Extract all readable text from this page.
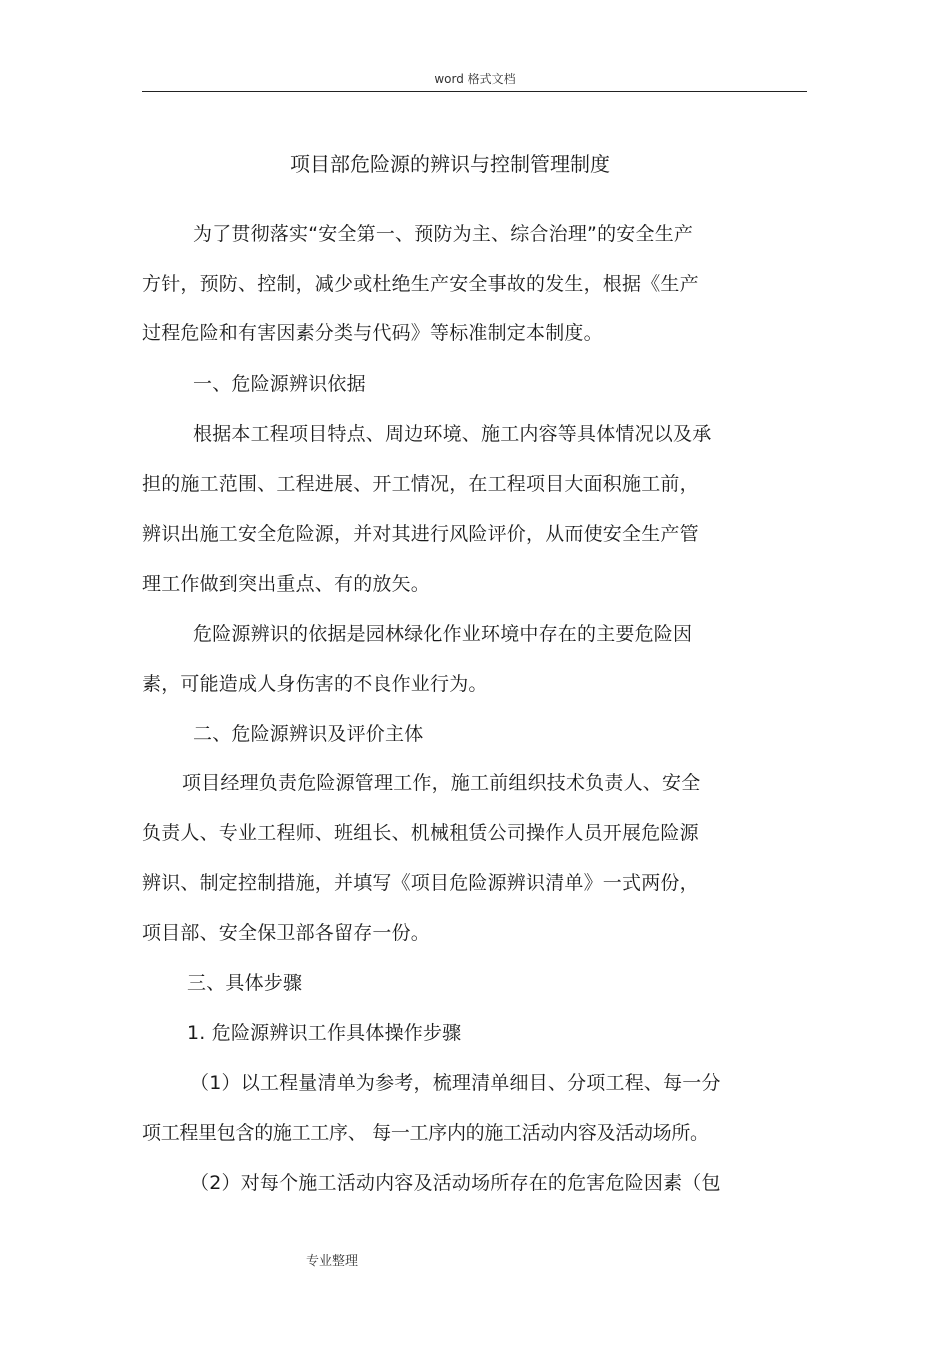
word 格式文档
项目部危险源的辨识与控制管理制度
为了贯彻落实“安全第一、预防为主、综合治理”的安全生产
方针，预防、控制，减少或杜绝生产安全事故的发生，根据《生产
过程危险和有害因素分类与代码》等标准制定本制度。
一、危险源辨识依据
根据本工程项目特点、周边环境、施工内容等具体情况以及承
担的施工范围、工程进展、开工情况，在工程项目大面积施工前，
辨识出施工安全危险源，并对其进行风险评价，从而使安全生产管
理工作做到突出重点、有的放矢。
危险源辨识的依据是园林绿化作业环境中存在的主要危险因
素，可能造成人身伤害的不良作业行为。
二、危险源辨识及评价主体
项目经理负责危险源管理工作，施工前组织技术负责人、安全
负责人、专业工程师、班组长、机械租赁公司操作人员开展危险源
辨识、制定控制措施，并填写《项目危险源辨识清单》一式两份，
项目部、安全保卫部各留存一份。
三、具体步骤
1. 危险源辨识工作具体操作步骤
（1）以工程量清单为参考，梳理清单细目、分项工程、每一分
项工程里包含的施工工序、 每一工序内的施工活动内容及活动场所。
（2）对每个施工活动内容及活动场所存在的危害危险因素（包
专业整理
